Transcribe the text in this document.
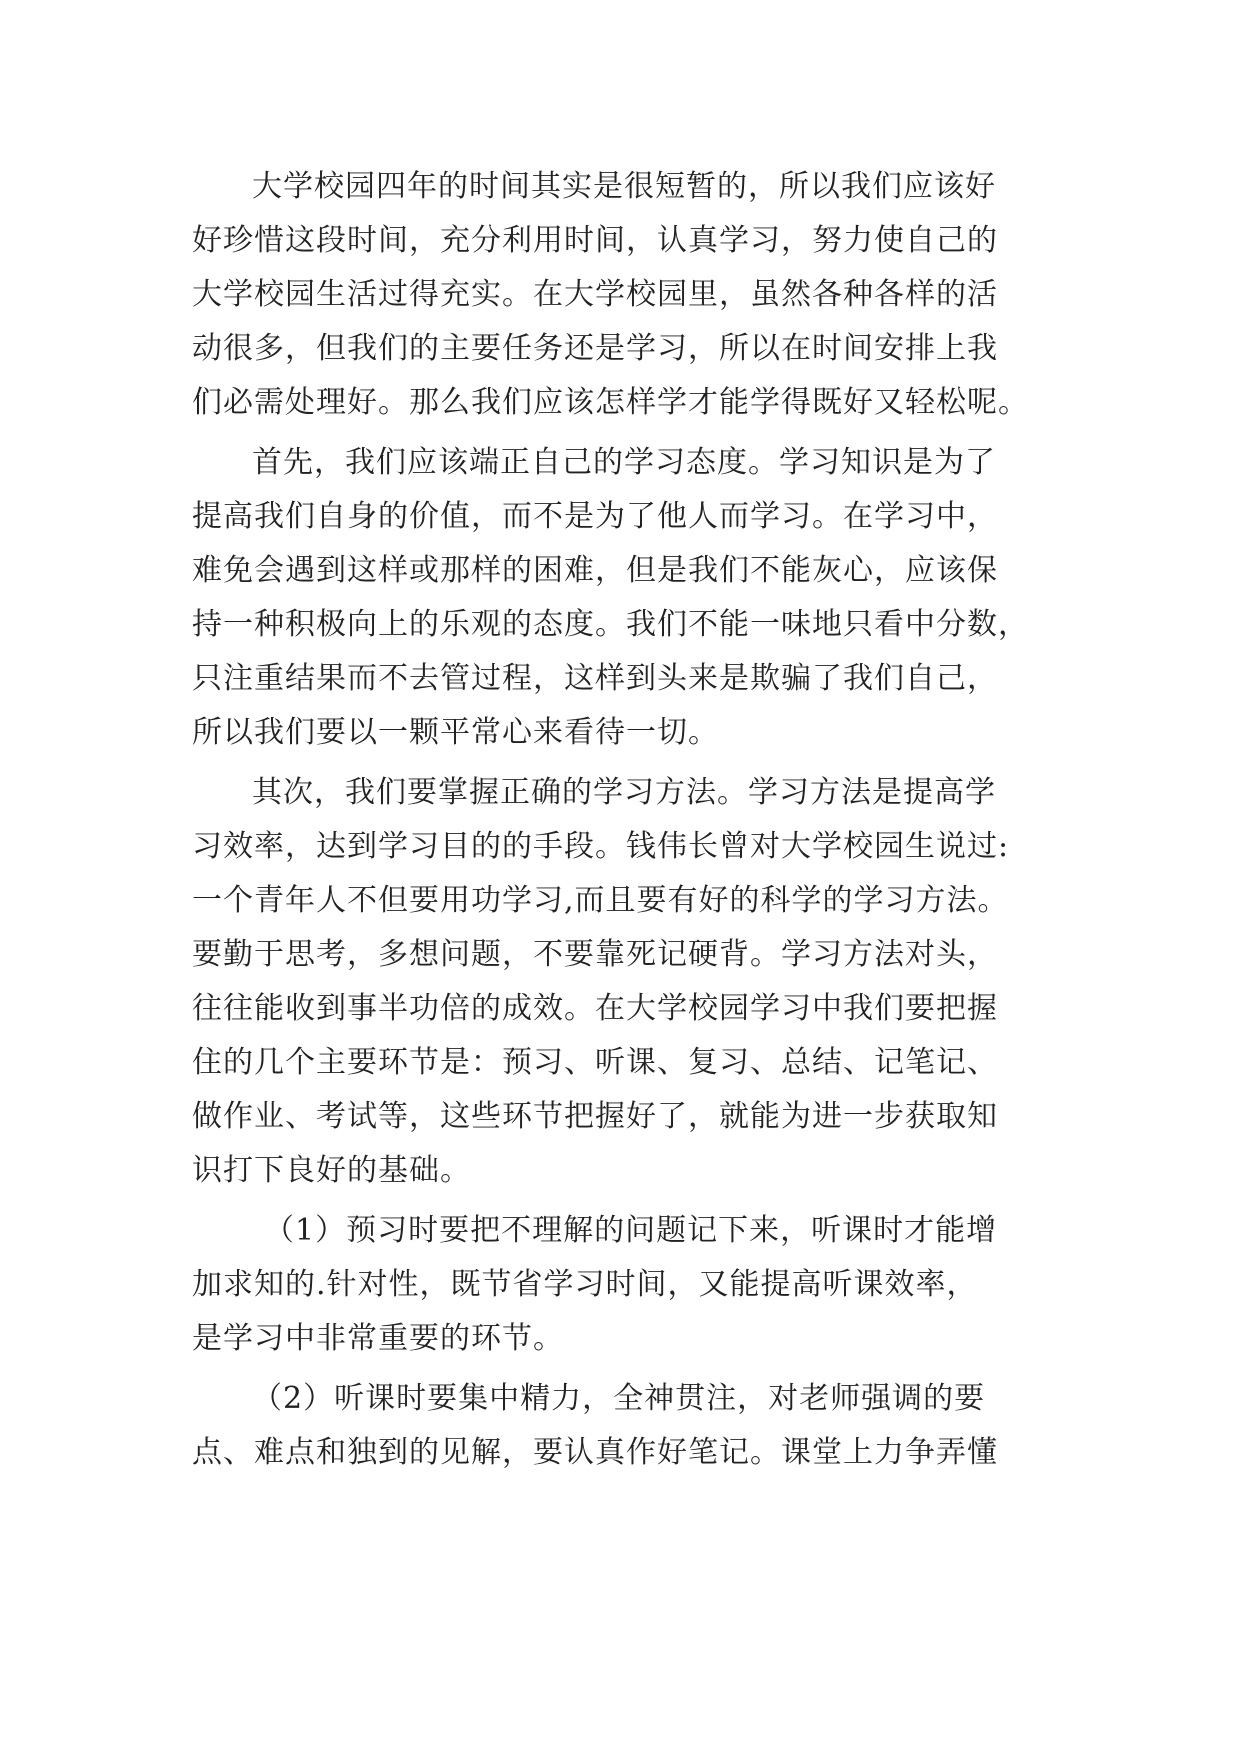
大学校园四年的时间其实是很短暂的，所以我们应该好
好珍惜这段时间，充分利用时间，认真学习，努力使自己的
大学校园生活过得充实。在大学校园里，虽然各种各样的活
动很多，但我们的主要任务还是学习，所以在时间安排上我
们必需处理好。那么我们应该怎样学才能学得既好又轻松呢。
首先，我们应该端正自己的学习态度。学习知识是为了
提高我们自身的价值，而不是为了他人而学习。在学习中，
难免会遇到这样或那样的困难，但是我们不能灰心，应该保
持一种积极向上的乐观的态度。我们不能一味地只看中分数，
只注重结果而不去管过程，这样到头来是欺骗了我们自己，
所以我们要以一颗平常心来看待一切。
其次，我们要掌握正确的学习方法。学习方法是提高学
习效率，达到学习目的的手段。钱伟长曾对大学校园生说过:
一个青年人不但要用功学习,而且要有好的科学的学习方法。
要勤于思考，多想问题，不要靠死记硬背。学习方法对头，
往往能收到事半功倍的成效。在大学校园学习中我们要把握
住的几个主要环节是：预习、听课、复习、总结、记笔记、
做作业、考试等，这些环节把握好了，就能为进一步获取知
识打下良好的基础。
（1）预习时要把不理解的问题记下来，听课时才能增
加求知的.针对性，既节省学习时间，又能提高听课效率，
是学习中非常重要的环节。
（2）听课时要集中精力，全神贯注，对老师强调的要
点、难点和独到的见解，要认真作好笔记。课堂上力争弄懂
